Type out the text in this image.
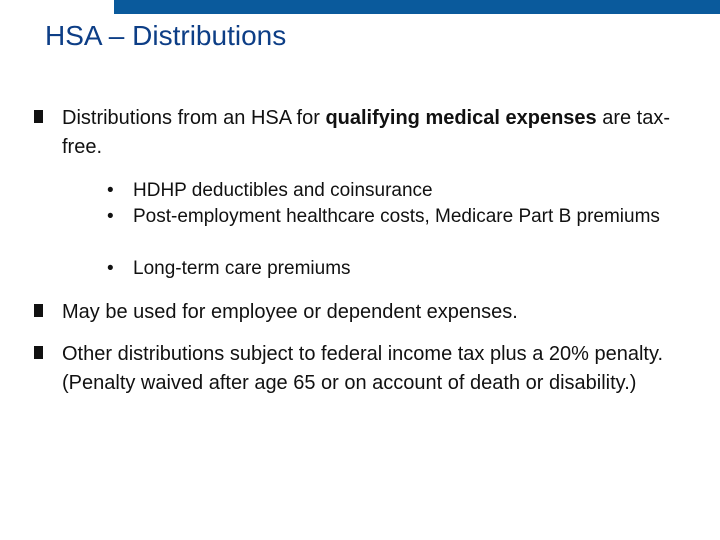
HSA – Distributions
Distributions from an HSA for qualifying medical expenses are tax-free.
• HDHP deductibles and coinsurance
• Post-employment healthcare costs, Medicare Part B premiums
• Long-term care premiums
May be used for employee or dependent expenses.
Other distributions subject to federal income tax plus a 20% penalty. (Penalty waived after age 65 or on account of death or disability.)
